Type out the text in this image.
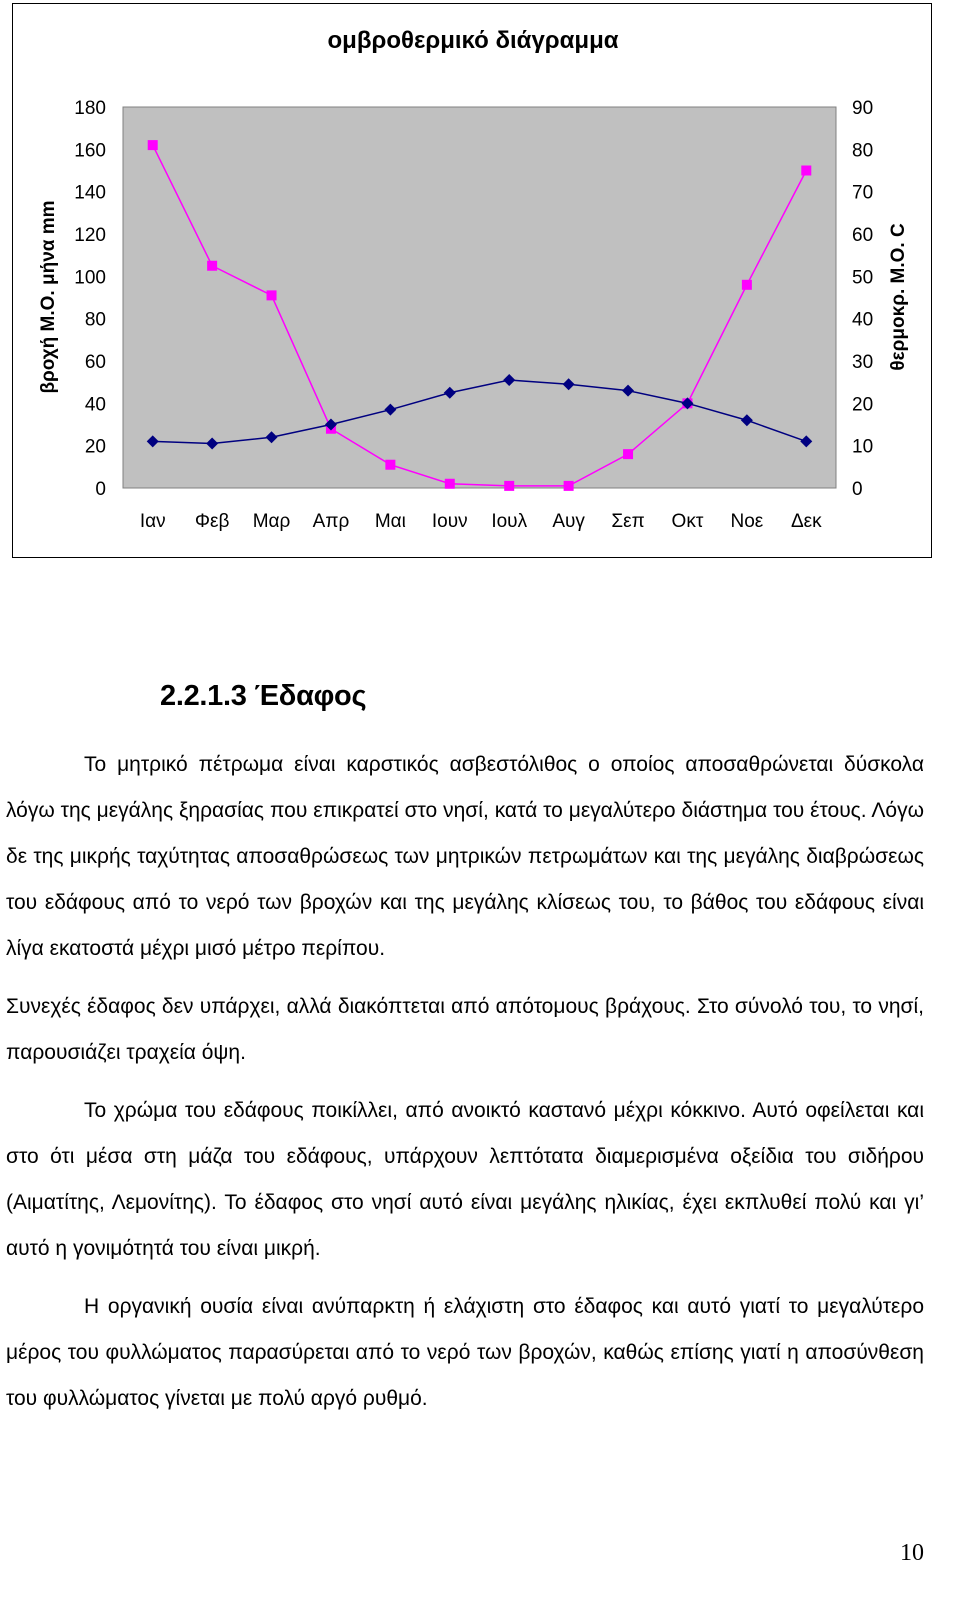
ομβροθερμικό διάγραμμα
0
20
40
60
80
100
120
140
160
180
0
10
20
30
40
50
60
70
80
90
Ιαν Φεβ Μαρ Απρ Μαι Ιουν Ιουλ Αυγ Σεπ Οκτ Νοε Δεκ
βροχή Μ.Ο. μήνα mm	θερμοκρ. Μ.Ο. C
2.2.1.3 Έδαφος

Το μητρικό πέτρωμα είναι καρστικός ασβεστόλιθος ο οποίος αποσαθρώνεται δύσκολα λόγω της μεγάλης ξηρασίας που επικρατεί στο νησί, κατά το μεγαλύτερο διάστημα του έτους. Λόγω δε της μικρής ταχύτητας αποσαθρώσεως των μητρικών πετρωμάτων και της μεγάλης διαβρώσεως του εδάφους από το νερό των βροχών και της μεγάλης κλίσεως του, το βάθος του εδάφους είναι λίγα εκατοστά μέχρι μισό μέτρο περίπου.

Συνεχές έδαφος δεν υπάρχει, αλλά διακόπτεται από απότομους βράχους. Στο σύνολό του, το νησί, παρουσιάζει τραχεία όψη.

Το χρώμα του εδάφους ποικίλλει, από ανοικτό καστανό μέχρι κόκκινο. Αυτό οφείλεται και στο ότι μέσα στη μάζα του εδάφους, υπάρχουν λεπτότατα διαμερισμένα οξείδια του σιδήρου (Αιματίτης, Λεμονίτης). Το έδαφος στο νησί αυτό είναι μεγάλης ηλικίας, έχει εκπλυθεί πολύ και γι’ αυτό η γονιμότητά του είναι μικρή.

Η οργανική ουσία είναι ανύπαρκτη ή ελάχιστη στο έδαφος και αυτό γιατί το μεγαλύτερο μέρος του φυλλώματος παρασύρεται από το νερό των βροχών, καθώς επίσης γιατί η αποσύνθεση του φυλλώματος γίνεται με πολύ αργό ρυθμό.

10
